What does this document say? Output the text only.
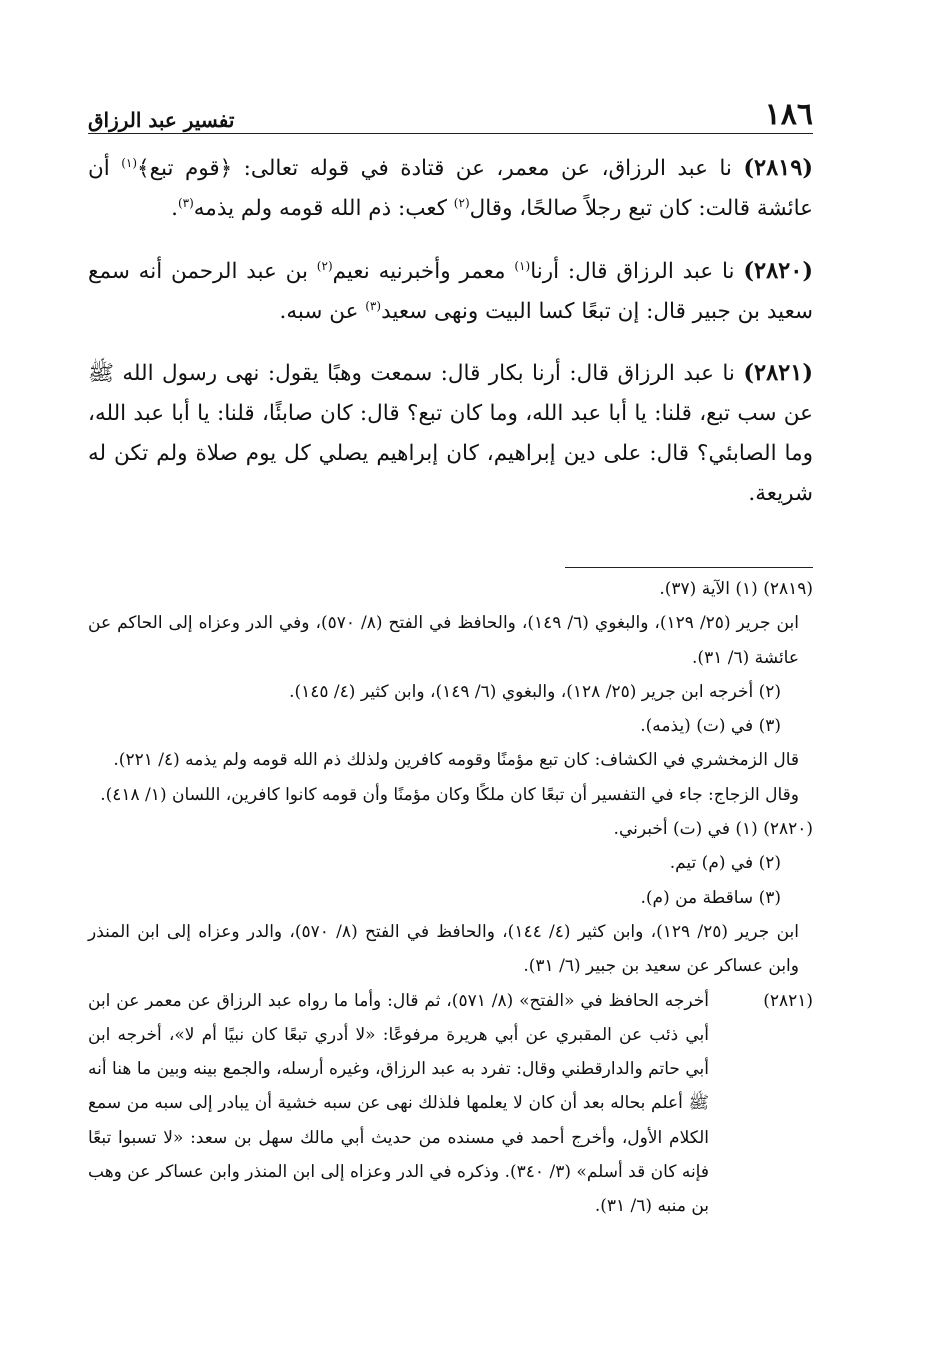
١٨٦
تفسير عبد الرزاق

(٢٨١٩) نا عبد الرزاق، عن معمر، عن قتادة في قوله تعالى: ﴿قوم تبع﴾$^{(١)}$ أن عائشة قالت: كان تبع رجلاً صالحًا، وقال$^{(٢)}$ كعب: ذم الله قومه ولم يذمه$^{(٣)}$.

(٢٨٢٠) نا عبد الرزاق قال: أرنا$^{(١)}$ معمر وأخبرنيه نعيم$^{(٢)}$ بن عبد الرحمن أنه سمع سعيد بن جبير قال: إن تبعًا كسا البيت ونهى سعيد$^{(٣)}$ عن سبه.

(٢٨٢١) نا عبد الرزاق قال: أرنا بكار قال: سمعت وهبًا يقول: نهى رسول الله ﷺ عن سب تبع، قلنا: يا أبا عبد الله، وما كان تبع؟ قال: كان صابئًا، قلنا: يا أبا عبد الله، وما الصابئي؟ قال: على دين إبراهيم، كان إبراهيم يصلي كل يوم صلاة ولم تكن له شريعة.

(٢٨١٩) (١) الآية (٣٧).
ابن جرير (٢٥/ ١٢٩)، والبغوي (٦/ ١٤٩)، والحافظ في الفتح (٨/ ٥٧٠)، وفي الدر وعزاه إلى الحاكم عن عائشة (٦/ ٣١).
(٢) أخرجه ابن جرير (٢٥/ ١٢٨)، والبغوي (٦/ ١٤٩)، وابن كثير (٤/ ١٤٥).
(٣) في (ت) (يذمه).
قال الزمخشري في الكشاف: كان تبع مؤمنًا وقومه كافرين ولذلك ذم الله قومه ولم يذمه (٤/ ٢٢١).
وقال الزجاج: جاء في التفسير أن تبعًا كان ملكًا وكان مؤمنًا وأن قومه كانوا كافرين، اللسان (١/ ٤١٨).
(٢٨٢٠) (١) في (ت) أخبرني.
(٢) في (م) تيم.
(٣) ساقطة من (م).
ابن جرير (٢٥/ ١٢٩)، وابن كثير (٤/ ١٤٤)، والحافظ في الفتح (٨/ ٥٧٠)، والدر وعزاه إلى ابن المنذر وابن عساكر عن سعيد بن جبير (٦/ ٣١).
(٢٨٢١)
أخرجه الحافظ في «الفتح» (٨/ ٥٧١)، ثم قال: وأما ما رواه عبد الرزاق عن معمر عن ابن أبي ذئب عن المقبري عن أبي هريرة مرفوعًا: «لا أدري تبعًا كان نبيًا أم لا»، أخرجه ابن أبي حاتم والدارقطني وقال: تفرد به عبد الرزاق، وغيره أرسله، والجمع بينه وبين ما هنا أنه ﷺ أعلم بحاله بعد أن كان لا يعلمها فلذلك نهى عن سبه خشية أن يبادر إلى سبه من سمع الكلام الأول، وأخرج أحمد في مسنده من حديث أبي مالك سهل بن سعد: «لا تسبوا تبعًا فإنه كان قد أسلم» (٣/ ٣٤٠). وذكره في الدر وعزاه إلى ابن المنذر وابن عساكر عن وهب بن منبه (٦/ ٣١).
